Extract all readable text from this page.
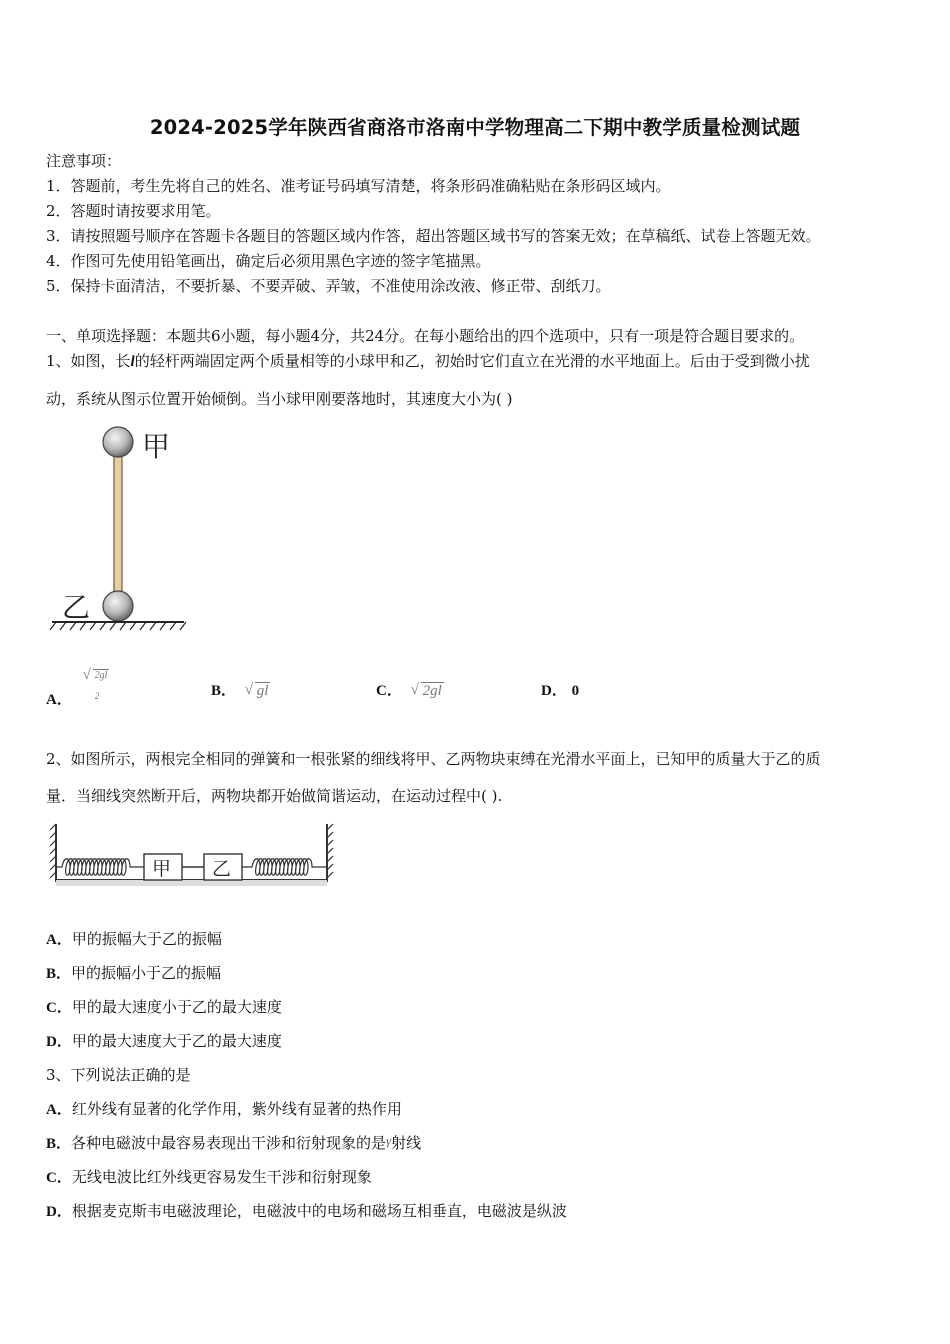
2024-2025学年陕西省商洛市洛南中学物理高二下期中教学质量检测试题
注意事项：
1．答题前，考生先将自己的姓名、准考证号码填写清楚，将条形码准确粘贴在条形码区域内。
2．答题时请按要求用笔。
3．请按照题号顺序在答题卡各题目的答题区域内作答，超出答题区域书写的答案无效；在草稿纸、试卷上答题无效。
4．作图可先使用铅笔画出，确定后必须用黑色字迹的签字笔描黑。
5．保持卡面清洁，不要折暴、不要弄破、弄皱，不准使用涂改液、修正带、刮纸刀。
一、单项选择题：本题共6小题，每小题4分，共24分。在每小题给出的四个选项中，只有一项是符合题目要求的。
1、如图，长l的轻杆两端固定两个质量相等的小球甲和乙，初始时它们直立在光滑的水平地面上。后由于受到微小扰
动，系统从图示位置开始倾倒。当小球甲刚要落地时，其速度大小为( )
甲
乙
A．
√ 2gl
2	B． √ gl	C． √ 2gl	D． 0
2、如图所示，两根完全相同的弹簧和一根张紧的细线将甲、乙两物块束缚在光滑水平面上，已知甲的质量大于乙的质
量．当细线突然断开后，两物块都开始做简谐运动，在运动过程中( ).
甲 乙
A．甲的振幅大于乙的振幅
B．甲的振幅小于乙的振幅
C．甲的最大速度小于乙的最大速度
D．甲的最大速度大于乙的最大速度
3、下列说法正确的是
A．红外线有显著的化学作用，紫外线有显著的热作用
B．各种电磁波中最容易表现出干涉和衍射现象的是γ射线
C．无线电波比红外线更容易发生干涉和衍射现象
D．根据麦克斯韦电磁波理论，电磁波中的电场和磁场互相垂直，电磁波是纵波
